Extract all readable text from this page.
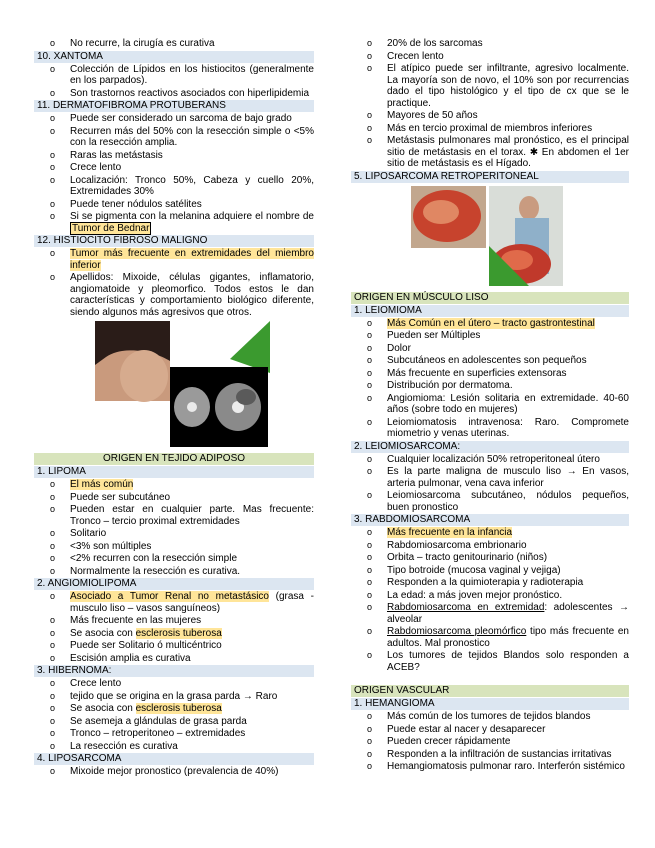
o No recurre, la cirugía es curativa
10. XANTOMA
o Colección de Lípidos en los histiocitos (generalmente en los parpados).
o Son trastornos reactivos asociados con hiperlipidemia
11. DERMATOFIBROMA PROTUBERANS
o Puede ser considerado un sarcoma de bajo grado
o Recurren más del 50% con la resección simple o <5% con la resección amplia.
o Raras las metástasis
o Crece lento
o Localización: Tronco 50%, Cabeza y cuello 20%, Extremidades 30%
o Puede tener nódulos satélites
o Si se pigmenta con la melanina adquiere el nombre de Tumor de Bednar
12. HISTIOCITO FIBROSO MALIGNO
o Tumor más frecuente en extremidades del miembro inferior
o Apellidos: Mixoide, células gigantes, inflamatorio, angiomatoide y pleomorfico. Todos estos le dan características y comportamiento biológico diferente, siendo algunos más agresivos que otros.
ORIGEN EN TEJIDO ADIPOSO
1. LIPOMA
o El más común
o Puede ser subcutáneo
o Pueden estar en cualquier parte. Mas frecuente: Tronco – tercio proximal extremidades
o Solitario
o <3% son múltiples
o <2% recurren con la resección simple
o Normalmente la resección es curativa.
2. ANGIOMIOLIPOMA
o Asociado a Tumor Renal no metastásico (grasa - musculo liso – vasos sanguíneos)
o Más frecuente en las mujeres
o Se asocia con esclerosis tuberosa
o Puede ser Solitario ó multicéntrico
o Escisión amplia es curativa
3. HIBERNOMA:
o Crece lento
o tejido que se origina en la grasa parda → Raro
o Se asocia con esclerosis tuberosa
o Se asemeja a glándulas de grasa parda
o Tronco – retroperitoneo – extremidades
o La resección es curativa
4. LIPOSARCOMA
o Mixoide mejor pronostico (prevalencia de 40%)
o 20% de los sarcomas
o Crecen lento
o El atípico puede ser infiltrante, agresivo localmente. La mayoría son de novo, el 10% son por recurrencias dado el tipo histológico y el tipo de cx que se le practique.
o Mayores de 50 años
o Más en tercio proximal de miembros inferiores
o Metástasis pulmonares mal pronóstico, es el principal sitio de metástasis en el torax. ✱ En abdomen el 1er sitio de metástasis es el Hígado.
5. LIPOSARCOMA RETROPERITONEAL
ORIGEN EN MÚSCULO LISO
1. LEIOMIOMA
o Más Común en el útero – tracto gastrontestinal
o Pueden ser Múltiples
o Dolor
o Subcutáneos en adolescentes son pequeños
o Más frecuente en superficies extensoras
o Distribución por dermatoma.
o Angiomioma: Lesión solitaria en extremidade. 40-60 años (sobre todo en mujeres)
o Leiomiomatosis intravenosa: Raro. Compromete miometrio y venas uterinas.
2. LEIOMIOSARCOMA:
o Cualquier localización 50% retroperitoneal útero
o Es la parte maligna de musculo liso → En vasos, arteria pulmonar, vena cava inferior
o Leiomiosarcoma subcutáneo, nódulos pequeños, buen pronostico
3. RABDOMIOSARCOMA
o Más frecuente en la infancia
o Rabdomiosarcoma embrionario
o Orbita – tracto genitourinario (niños)
o Tipo botroide (mucosa vaginal y vejiga)
o Responden a la quimioterapia y radioterapia
o La edad: a más joven mejor pronóstico.
o Rabdomiosarcoma en extremidad: adolescentes → alveolar
o Rabdomiosarcoma pleomórfico tipo más frecuente en adultos. Mal pronostico
o Los tumores de tejidos Blandos solo responden a ACEB?
ORIGEN VASCULAR
1. HEMANGIOMA
o Más común de los tumores de tejidos blandos
o Puede estar al nacer y desaparecer
o Pueden crecer rápidamente
o Responden a la infiltración de sustancias irritativas
o Hemangiomatosis pulmonar raro. Interferón sistémico
